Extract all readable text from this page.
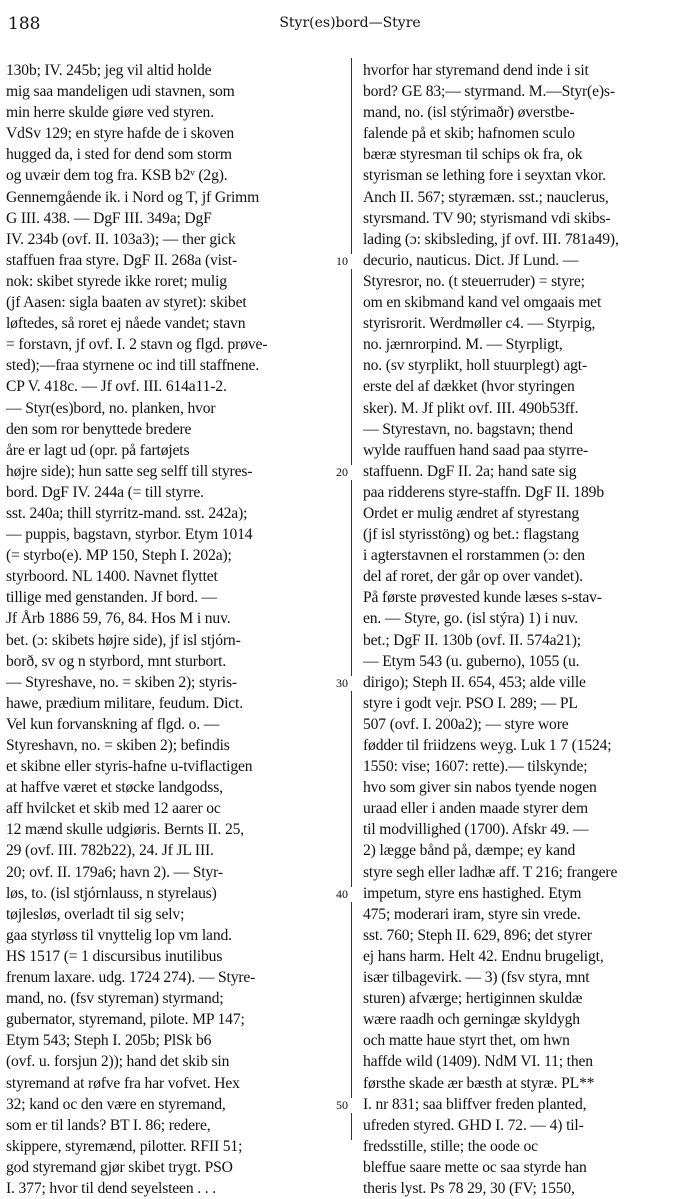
188	Styr(es)bord—Styre
130b; IV. 245b; jeg vil altid holde
mig saa mandeligen udi stavnen, som
min herre skulde giøre ved styren.
VdSv 129; en styre hafde de i skoven
hugged da, i sted for dend som storm
og uvæir dem tog fra. KSB b2ᵛ (2g).
Gennemgående ik. i Nord og T, jf Grimm
G III. 438. — DgF III. 349a; DgF
IV. 234b (ovf. II. 103a3); — ther gick
staffuen fraa styre. DgF II. 268a (vist-
nok: skibet styrede ikke roret; mulig
(jf Aasen: sigla baaten av styret): skibet
løftedes, så roret ej nåede vandet; stavn
= forstavn, jf ovf. I. 2 stavn og flgd. prøve-
sted);—fraa styrnene oc ind till staffnene.
CP V. 418c. — Jf ovf. III. 614a11-2.
— Styr(es)bord, no. planken, hvor
den som ror benyttede bredere
åre er lagt ud (opr. på fartøjets
højre side); hun satte seg selff till styres-
bord. DgF IV. 244a (= till styrre.
sst. 240a; thill styrritz-mand. sst. 242a);
— puppis, bagstavn, styrbor. Etym 1014
(= styrbo(e). MP 150, Steph I. 202a);
styrboord. NL 1400. Navnet flyttet
tillige med genstanden. Jf bord. —
Jf Årb 1886 59, 76, 84. Hos M i nuv.
bet. (ɔ: skibets højre side), jf isl stjórn-
borð, sv og n styrbord, mnt sturbort.
— Styreshave, no. = skiben 2); styris-
hawe, prædium militare, feudum. Dict.
Vel kun forvanskning af flgd. o. —
Styreshavn, no. = skiben 2); befindis
et skibne eller styris-hafne u-tviflactigen
at haffve været et støcke landgodss,
aff hvilcket et skib med 12 aarer oc
12 mænd skulle udgiøris. Bernts II. 25,
29 (ovf. III. 782b22), 24. Jf JL III.
20; ovf. II. 179a6; havn 2). — Styr-
løs, to. (isl stjórnlauss, n styrelaus)
tøjlesløs, overladt til sig selv;
gaa styrløss til vnyttelig lop vm land.
HS 1517 (= 1 discursibus inutilibus
frenum laxare. udg. 1724 274). — Styre-
mand, no. (fsv styreman) styrmand;
gubernator, styremand, pilote. MP 147;
Etym 543; Steph I. 205b; PlSk b6
(ovf. u. forsjun 2)); hand det skib sin
styremand at røfve fra har vofvet. Hex
32; kand oc den være en styremand,
som er til lands? BT I. 86; redere,
skippere, styremænd, pilotter. RFII 51;
god styremand gjør skibet trygt. PSO
I. 377; hvor til dend seyelsteen . . .
hvorfor har styremand dend inde i sit
bord? GE 83;— styrmand. M.—Styr(e)s-
mand, no. (isl stýrimaðr) øverstbe-
falende på et skib; hafnomen sculo
bæræ styresman til schips ok fra, ok
styrisman se lething fore i seyxtan vkor.
Anch II. 567; styræmæn. sst.; nauclerus,
styrsmand. TV 90; styrismand vdi skibs-
lading (ɔ: skibsleding, jf ovf. III. 781a49),
decurio, nauticus. Dict. Jf Lund. —
Styresror, no. (t steuerruder) = styre;
om en skibmand kand vel omgaais met
styrisrorit. Werdmøller c4. — Styrpig,
no. jærnrorpind. M. — Styrpligt,
no. (sv styrplikt, holl stuurplegt) agt-
erste del af dækket (hvor styringen
sker). M. Jf plikt ovf. III. 490b53ff.
— Styrestavn, no. bagstavn; thend
wylde rauffuen hand saad paa styrre-
staffuenn. DgF II. 2a; hand sate sig
paa ridderens styre-staffn. DgF II. 189b
Ordet er mulig ændret af styrestang
(jf isl styrisstöng) og bet.: flagstang
i agterstavnen el rorstammen (ɔ: den
del af roret, der går op over vandet).
På første prøvested kunde læses s-stav-
en. — Styre, go. (isl stýra) 1) i nuv.
bet.; DgF II. 130b (ovf. II. 574a21);
— Etym 543 (u. guberno), 1055 (u.
dirigo); Steph II. 654, 453; alde ville
styre i godt vejr. PSO I. 289; — PL
507 (ovf. I. 200a2); — styre wore
fødder til friidzens weyg. Luk 1 7 (1524;
1550: vise; 1607: rette).— tilskynde;
hvo som giver sin nabos tyende nogen
uraad eller i anden maade styrer dem
til modvillighed (1700). Afskr 49. —
2) lægge bånd på, dæmpe; ey kand
styre segh eller ladhæ aff. T 216; frangere
impetum, styre ens hastighed. Etym
475; moderari iram, styre sin vrede.
sst. 760; Steph II. 629, 896; det styrer
ej hans harm. Helt 42. Endnu brugeligt,
især tilbagevirk. — 3) (fsv styra, mnt
sturen) afværge; hertiginnen skuldæ
wære raadh och gerningæ skyldygh
och matte haue styrt thet, om hwn
haffde wild (1409). NdM VI. 11; then
førsthe skade ær bæsth at styræ. PL**
I. nr 831; saa bliffver freden planted,
ufreden styred. GHD I. 72. — 4) til-
fredsstille, stille; the oode oc
bleffue saare mette oc saa styrde han
theris lyst. Ps 78 29, 30 (FV; 1550,
10
20
30
40
50
